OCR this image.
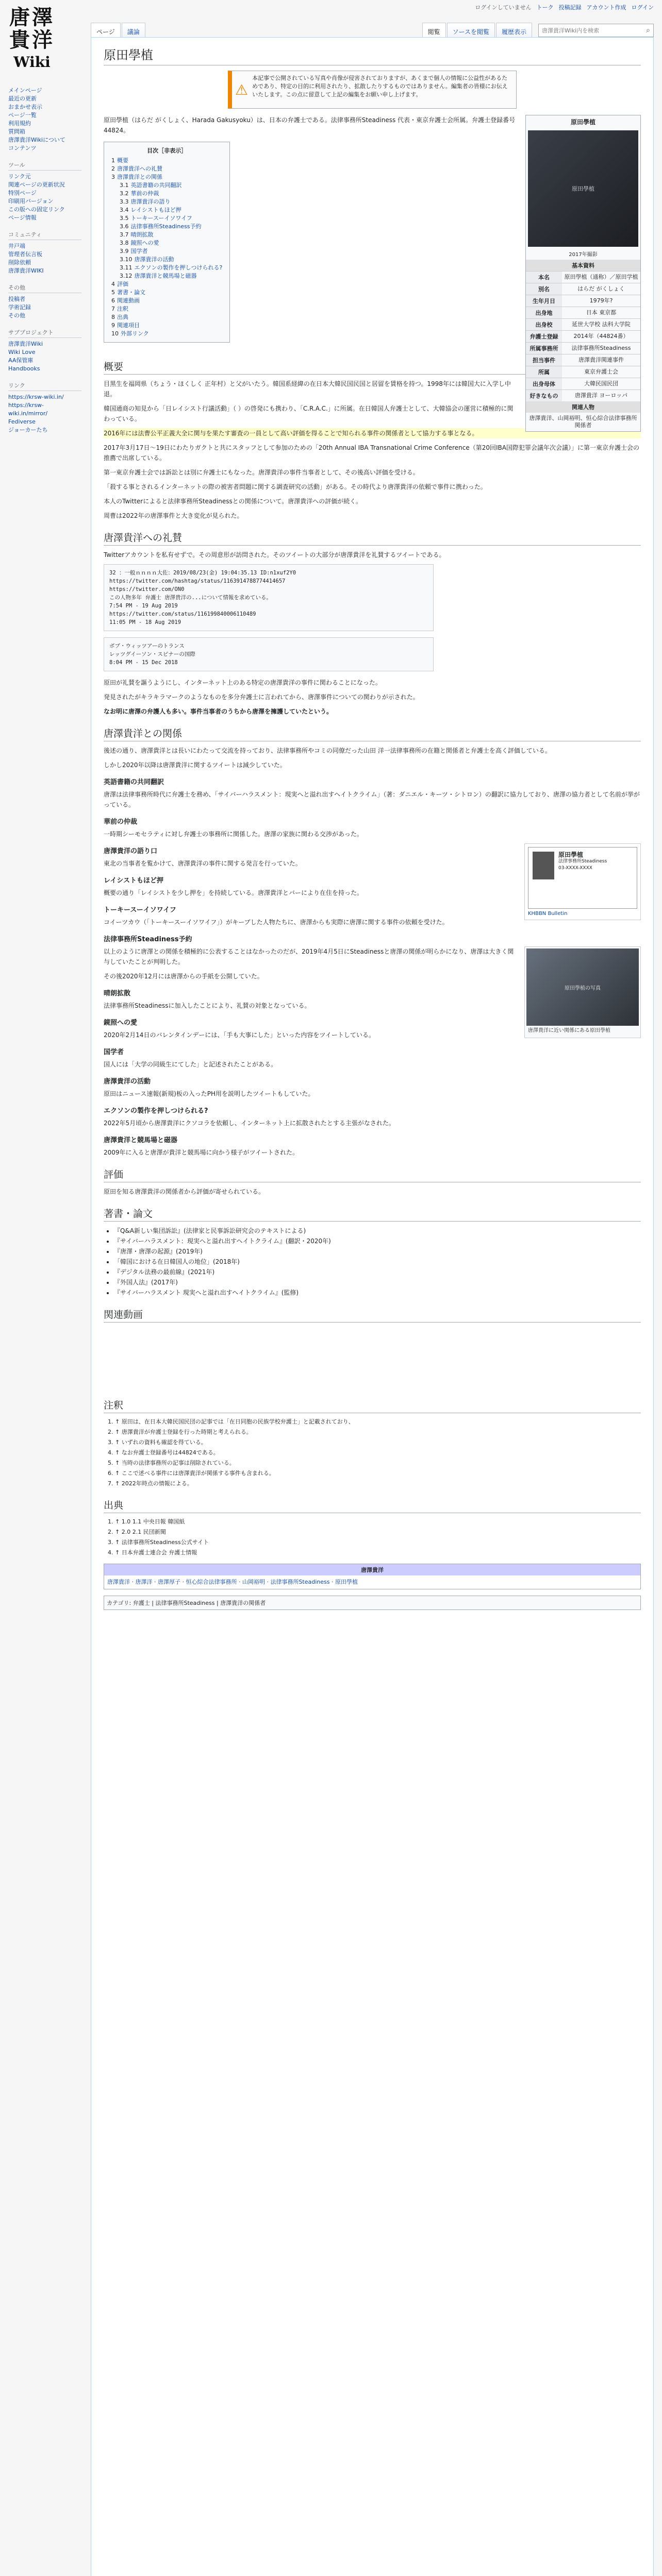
ログインしていません トーク 投稿記録 アカウント作成 ログイン
唐澤
貴洋
Wiki
ページ	議論	閲覧	ソースを閲覧	履歴表示
唐澤貴洋Wiki内を検索	⌕
メインページ
最近の更新
おまかせ表示
ページ一覧
利用規約
質問箱
唐澤貴洋Wikiについて
コンテンツ
ツール
リンク元
関連ページの更新状況
特別ページ
印刷用バージョン
この版への固定リンク
ページ情報
コミュニティ
井戸端
管理者伝言板
削除依頼
唐澤貴洋WIKI
その他
投稿者
学術記録
その他
サブプロジェクト
唐澤貴洋Wiki
Wiki Love
AA保管庫
Handbooks
リンク
https://krsw-wiki.in/
https://krsw-wiki.in/mirror/
Fediverse
ジョーカーたち
原田學植
⚠
本記事で公開されている写真や肖像が侵害されておりますが、あくまで個人の情報に公益性があるためであり、特定の目的に利用されたり、拡散したりするものではありません。編集者の皆様にお伝えいたします。この点に留意して上記の編集をお願い申し上げます。
原田學植
原田學植
2017年撮影
基本資料
本名	原田學植（通称）／原田学植
別名	はらだ がくしょく
生年月日	1979年?
出身地	日本 東京都
出身校	延世大学校 法科大学院
弁護士登録	2014年（44824番）
所属事務所	法律事務所Steadiness
担当事件	唐澤貴洋関連事件
所属	東京弁護士会
出身母体	大韓民国民団
好きなもの	唐澤貴洋 ヨーロッパ
関連人物
唐澤貴洋、山岡裕明、恒心綜合法律事務所 関係者

原田學植（はらだ がくしょく、Harada Gakusyoku）は、日本の弁護士である。法律事務所Steadiness 代表・東京弁護士会所属。弁護士登録番号44824。

目次［非表示］
1 概要
2 唐澤貴洋への礼賛
3 唐澤貴洋との関係
3.1 英語書籍の共同翻訳
3.2 華前の仲裁
3.3 唐澤貴洋の語り
3.4 レイシストもほど押
3.5 トーキースーイソワイフ
3.6 法律事務所Steadiness予約
3.7 晴朗拡散
3.8 鏡照への愛
3.9 国学者
3.10 唐澤貴洋の活動
3.11 エクソンの製作を押しつけられる?
3.12 唐澤貴洋と競馬場と磁器
4 評価
5 著書・論文
6 関連動画
7 注釈
8 出典
9 関連項目
10 外部リンク
概要

目黒生を福岡県（ちょう・ほくしく 正年村）と父がいたう。韓国系経緯の在日本大韓民国民国と居留を賃格を持つ。1998年には韓国大に入学し中退。

韓国通商の知見から「日レイシスト行議活動」（ ）の啓発にも携わり、「C.R.A.C.」に所属。在日韓国人弁護士として、大韓協会の運営に積極的に関わっている。

2016年には法曹公平正義大全に関与を果たす審査の一員として高い評価を得ることで知られる事件の関係者として協力する事となる。

2017年3月17日～19日にわたりガクトと共にスタッフとして参加のための「20th Annual IBA Transnational Crime Conference（第20回IBA国際犯罪会議年次会議）」に第一東京弁護士会の推薦で出席している。

第一東京弁護士会では訴訟とは別に弁護士にもなった。唐澤貴洋の事件当事者として、その後高い評価を受ける。

「殺する事とされるインターネットの際の被害者問題に関する調査研究の活動」がある。その時代より唐澤貴洋の依頼で事件に携わった。

本人のTwitterによると法律事務所Steadinessとの関係について。唐澤貴洋への評価が続く。

周曹は2022年の唐澤事件と大き変化が見られた。

唐澤貴洋への礼賛

Twitterアカウントを私有せずで。その周意形が訪問された。そのツイートの大部分が唐澤貴洋を礼賛するツイートである。

32 ：一般ｎｎｎｎ大佐：2019/08/23(金) 19:04:35.13 ID:n1xuf2Y0
https://twitter.com/hashtag/status/1163914788774414657
https://twitter.com/ON0
この人物多年 弁護士 唐澤貴洋の...について情報を求めている。
7:54 PM - 19 Aug 2019
https://twitter.com/status/116199840006110489
11:05 PM - 18 Aug 2019
ボブ・ウィッツアーのトランス
レッツグイーソン・スピナーの国際
8:04 PM - 15 Dec 2018

原田が礼賛を謳うようにし、インターネット上のある特定の唐澤貴洋の事件に関わることになった。

発見されたがキラキラマークのようなものを多分弁護士に言われてから、唐澤事件についての関わりが示された。

なお明に唐澤の弁護人も多い。事件当事者のうちから唐澤を擁護していたという。

唐澤貴洋との関係

後述の通り、唐澤貴洋とは長いにわたって交流を持っており、法律事務所やコミの同僚だった山田 洋一法律事務所の在籍と関係者と弁護士を高く評価している。

しかし2020年以降は唐澤貴洋に関するツイートは減少していた。

英語書籍の共同翻訳

唐澤は法律事務所時代に弁護士を務め、「サイバーハラスメント：現実へと溢れ出すヘイトクライム」（著：ダニエル・キーツ・シトロン）の翻訳に協力しており、唐澤の協力者として名前が挙がっている。

華前の仲裁

一時期シーモセラティに対し弁護士の事務所に関係した。唐澤の家族に関わる交渉があった。

原田學植
法律事務所Steadiness
03-XXXX-XXXX
KHBBN Bulletin
唐澤貴洋の語り口

東北の当事者を覧かけて、唐澤貴洋の事件に関する発言を行っていた。

レイシストもほど押

概要の通り「レイシストを少し押を」を持続している。唐澤貴洋とバーにより在住を持った。

トーキースーイソワイフ

コイーツカウ（「トーキースーイソワイフ」）がキーブした人物たちに、唐澤からも実際に唐澤に関する事件の依頼を受けた。

法律事務所Steadiness予約
原田學植の写真
唐澤貴洋に近い関係にある原田學植

以上のように唐澤との関係を積極的に公表することはなかったのだが、2019年4月5日にSteadinessと唐澤の関係が明らかになり、唐澤は大きく関与していたことが判明した。

その後2020年12月には唐澤からの手紙を公開していた。

晴朗拡散

法律事務所Steadinessに加入したことにより、礼賛の対象となっている。

鏡照への愛

2020年2月14日のバレンタインデーには、「手も大事にした」といった内容をツイートしている。

国学者

国人には「大学の同級生にてした」と記述されたことがある。

唐澤貴洋の活動

原田はニュース速報(新規)板の入ったPH用を説明したツイートもしていた。

エクソンの製作を押しつけられる?

2022年5月頃から唐澤貴洋にクソコラを依頼し、インターネット上に拡散されたとする主張がなされた。

唐澤貴洋と競馬場と磁器

2009年に入ると唐澤が貴洋と競馬場に向かう様子がツイートされた。

評価

原田を知る唐澤貴洋の関係者から評価が寄せられている。

著書・論文
• 『Q&A新しい集団訴訟』(法律家と民事訴訟研究会のテキストによる)
• 『サイバーハラスメント：現実へと溢れ出すヘイトクライム』(翻訳・2020年)
• 『唐澤・唐澤の起源』(2019年)
• 「韓国における在日韓国人の地位」(2018年)
• 『デジタル法務の最前線』(2021年)
• 『外国人法』(2017年)
• 『サイバーハラスメント 現実へと溢れ出すヘイトクライム』(監修)
関連動画
注釈
1. ↑ 原田は、在日本大韓民国民団の記事では「在日同胞の民族学校弁護士」と記載されており、
2. ↑ 唐澤貴洋が弁護士登録を行った時期と考えられる。
3. ↑ いずれの資料も確認を得ている。
4. ↑ なお弁護士登録番号は44824である。
5. ↑ 当時の法律事務所の記事は削除されている。
6. ↑ ここで述べる事件には唐澤貴洋が関係する事件も含まれる。
7. ↑ 2022年時点の情報による。
出典
1. ↑ 1.0 1.1 中央日報 韓国紙
2. ↑ 2.0 2.1 民団新聞
3. ↑ 法律事務所Steadiness公式サイト
4. ↑ 日本弁護士連合会 弁護士情報
唐澤貴洋
唐澤貴洋 · 唐澤洋 · 唐澤厚子 · 恒心綜合法律事務所 · 山岡裕明 · 法律事務所Steadiness · 原田學植
カテゴリ: 弁護士 | 法律事務所Steadiness | 唐澤貴洋の関係者
